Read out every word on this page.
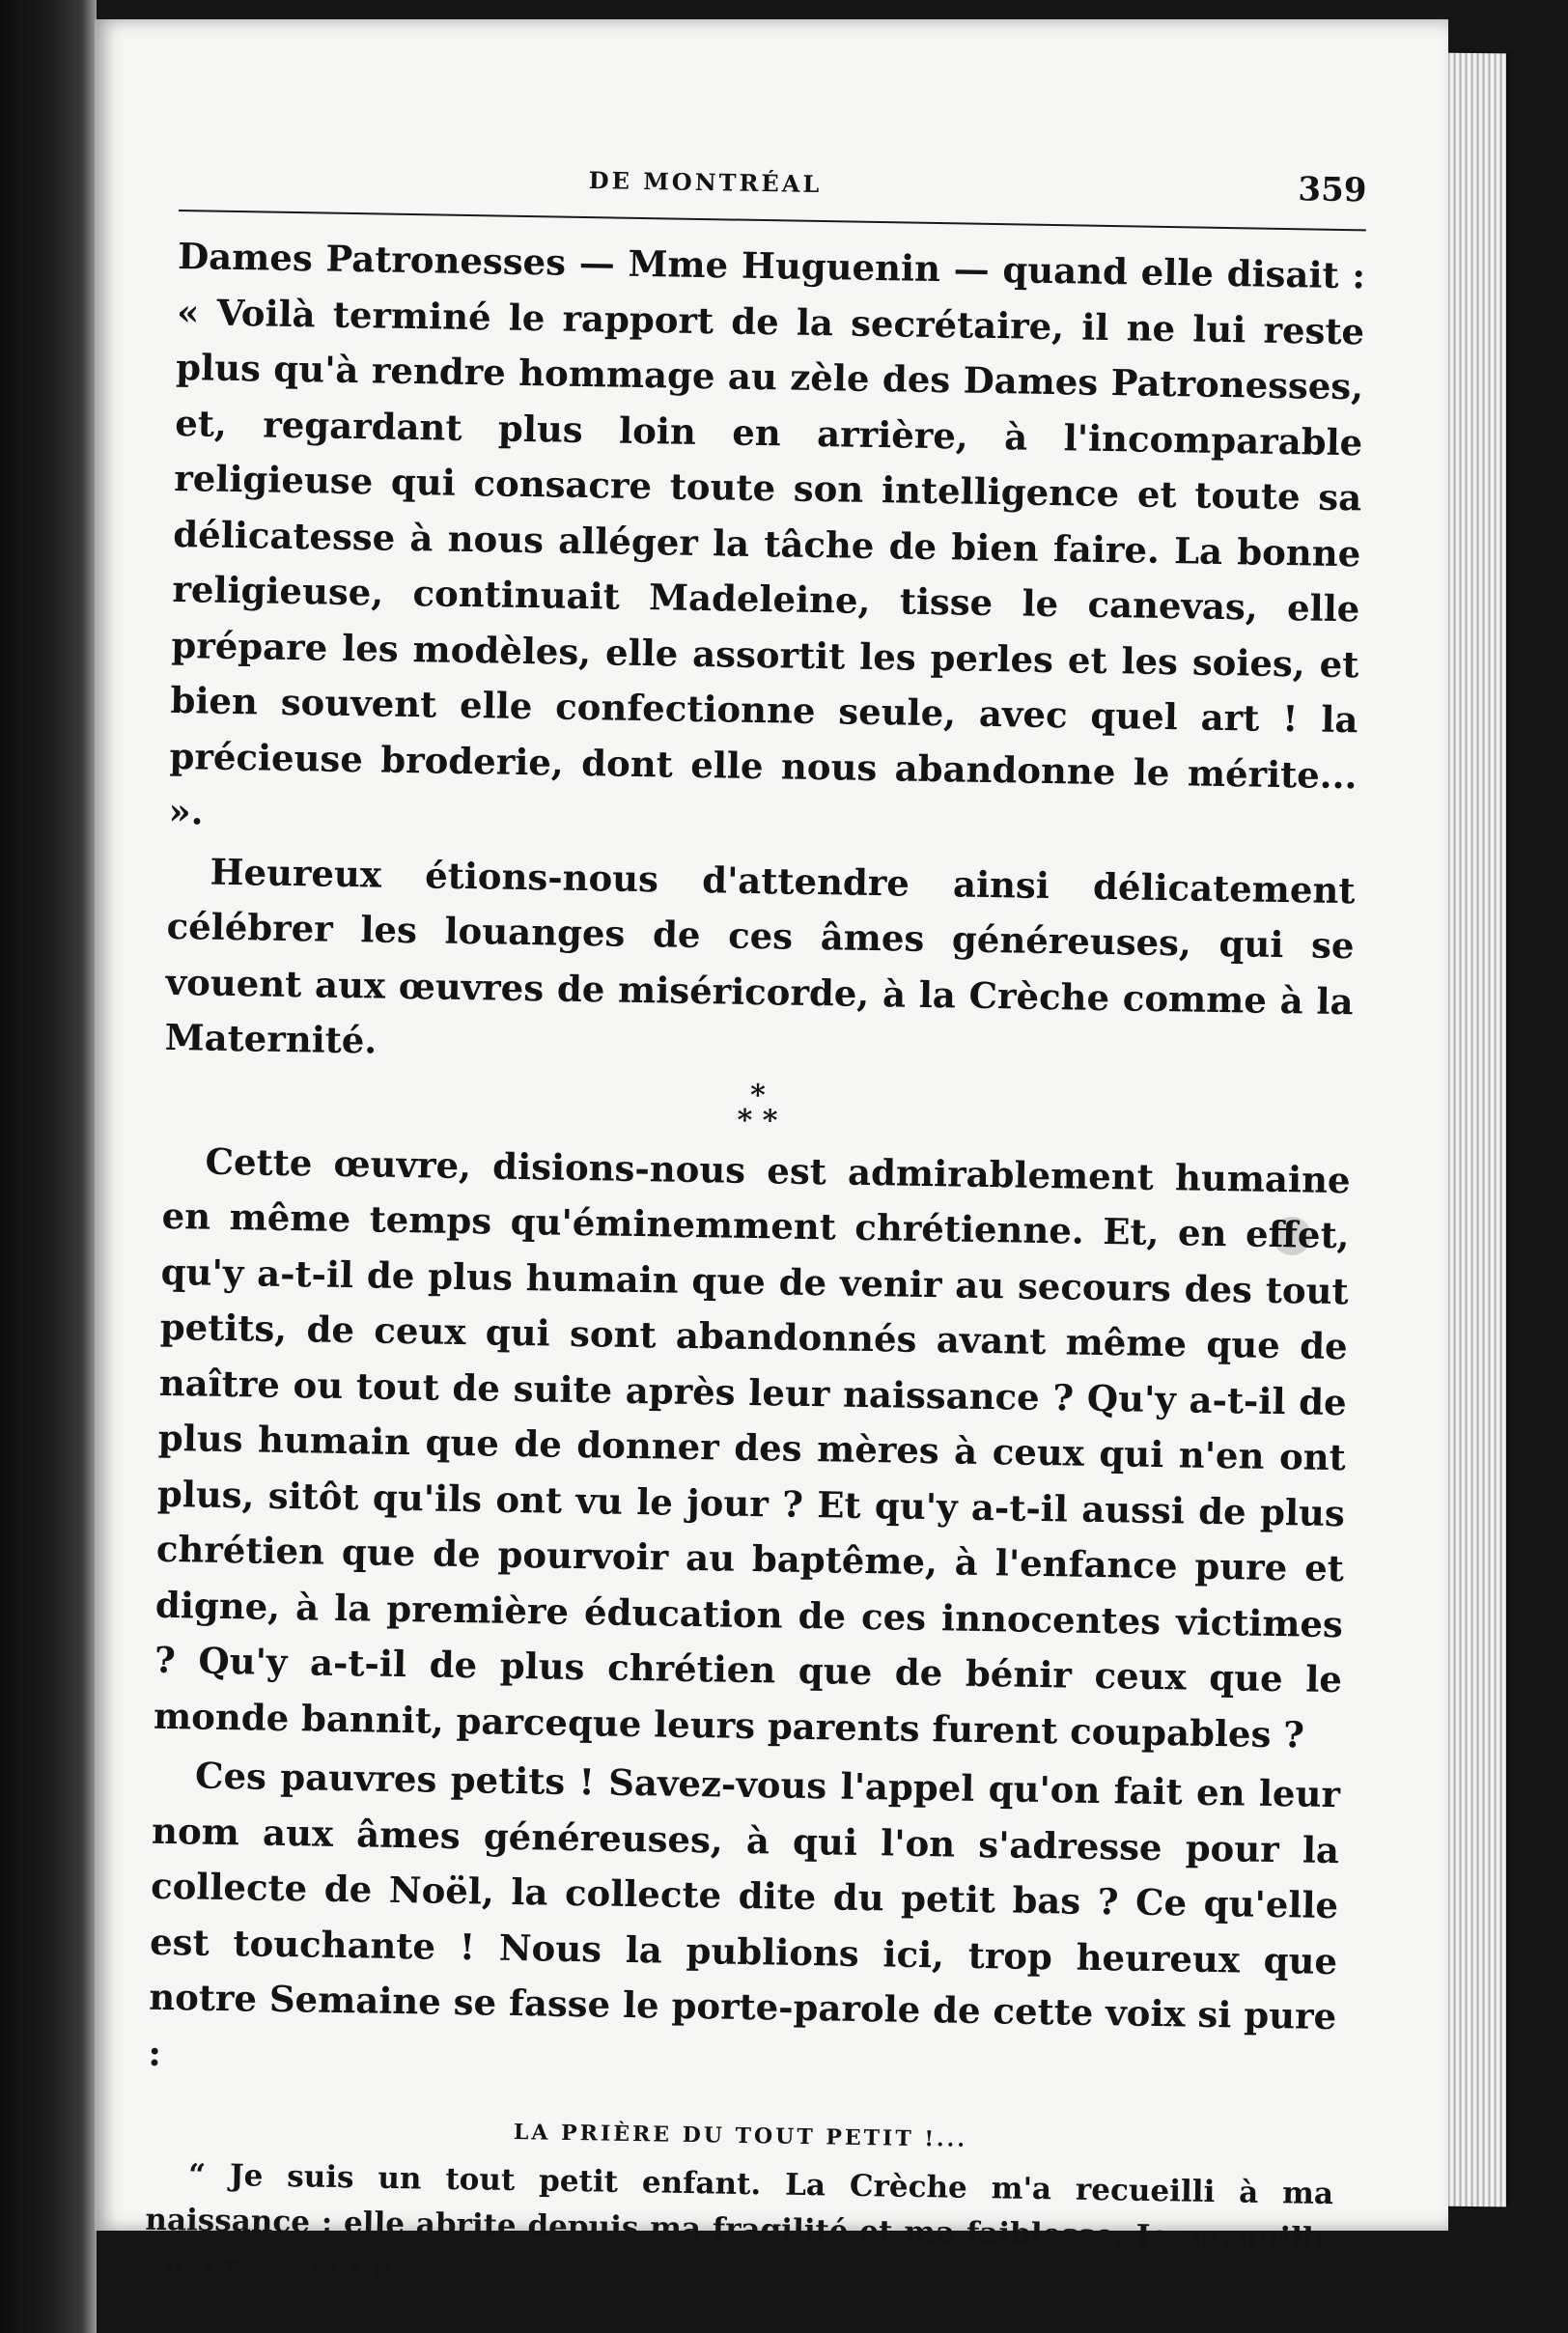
DE MONTRÉAL	359

Dames Patronesses — Mme Huguenin — quand elle disait : « Voilà terminé le rapport de la secrétaire, il ne lui reste plus qu'à rendre hommage au zèle des Dames Patronesses, et, regardant plus loin en arrière, à l'incomparable religieuse qui consacre toute son intelligence et toute sa délicatesse à nous alléger la tâche de bien faire. La bonne religieuse, continuait Madeleine, tisse le canevas, elle prépare les modèles, elle assortit les perles et les soies, et bien souvent elle confectionne seule, avec quel art ! la précieuse broderie, dont elle nous abandonne le mérite... ».

Heureux étions-nous d'attendre ainsi délicatement célébrer les louanges de ces âmes généreuses, qui se vouent aux œuvres de miséricorde, à la Crèche comme à la Maternité.

*
* *

Cette œuvre, disions-nous est admirablement humaine en même temps qu'éminemment chrétienne. Et, en effet, qu'y a-t-il de plus humain que de venir au secours des tout petits, de ceux qui sont abandonnés avant même que de naître ou tout de suite après leur naissance ? Qu'y a-t-il de plus humain que de donner des mères à ceux qui n'en ont plus, sitôt qu'ils ont vu le jour ? Et qu'y a-t-il aussi de plus chrétien que de pourvoir au baptême, à l'enfance pure et digne, à la première éducation de ces innocentes victimes ? Qu'y a-t-il de plus chrétien que de bénir ceux que le monde bannit, parceque leurs parents furent coupables ?

Ces pauvres petits ! Savez-vous l'appel qu'on fait en leur nom aux âmes généreuses, à qui l'on s'adresse pour la collecte de Noël, la collecte dite du petit bas ? Ce qu'elle est touchante ! Nous la publions ici, trop heureux que notre Semaine se fasse le porte-parole de cette voix si pure :

LA PRIÈRE DU TOUT PETIT !...

“ Je suis un tout petit enfant. La Crèche m'a recueilli à ma naissance ; elle abrite depuis ma fragilité et ma faiblesse. Je gazouille encore à peine,
